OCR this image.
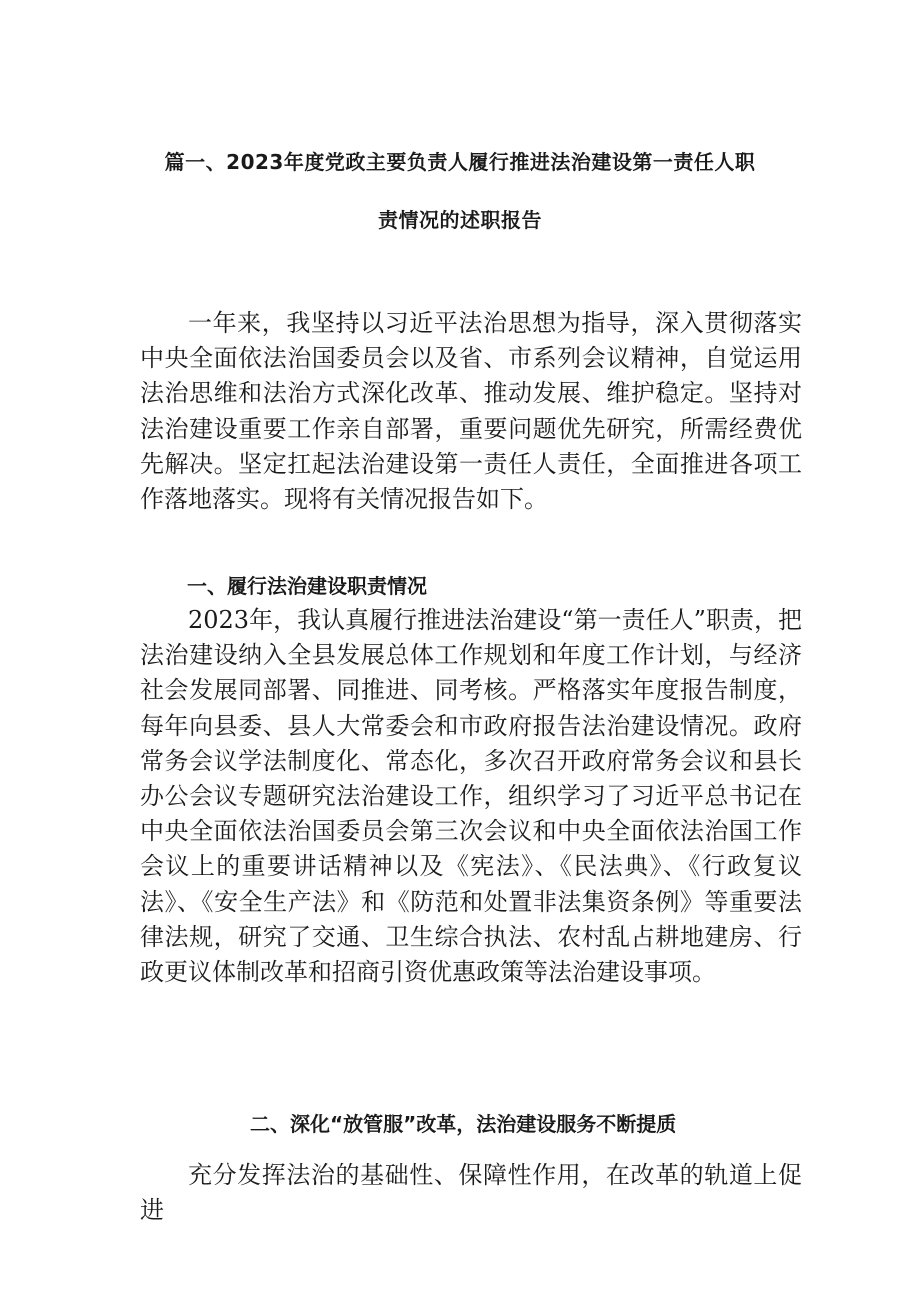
篇一、2023年度党政主要负责人履行推进法治建设第一责任人职
责情况的述职报告

一年来，我坚持以习近平法治思想为指导，深入贯彻落实中央全面依法治国委员会以及省、市系列会议精神，自觉运用法治思维和法治方式深化改革、推动发展、维护稳定。坚持对法治建设重要工作亲自部署，重要问题优先研究，所需经费优先解决。坚定扛起法治建设第一责任人责任，全面推进各项工作落地落实。现将有关情况报告如下。

一、履行法治建设职责情况

2023年，我认真履行推进法治建设“第一责任人”职责，把法治建设纳入全县发展总体工作规划和年度工作计划，与经济社会发展同部署、同推进、同考核。严格落实年度报告制度，每年向县委、县人大常委会和市政府报告法治建设情况。政府常务会议学法制度化、常态化，多次召开政府常务会议和县长办公会议专题研究法治建设工作，组织学习了习近平总书记在中央全面依法治国委员会第三次会议和中央全面依法治国工作会议上的重要讲话精神以及《宪法》、《民法典》、《行政复议法》、《安全生产法》和《防范和处置非法集资条例》等重要法律法规，研究了交通、卫生综合执法、农村乱占耕地建房、行政更议体制改革和招商引资优惠政策等法治建设事项。

二、深化“放管服”改革，法治建设服务不断提质

充分发挥法治的基础性、保障性作用，在改革的轨道上促进
